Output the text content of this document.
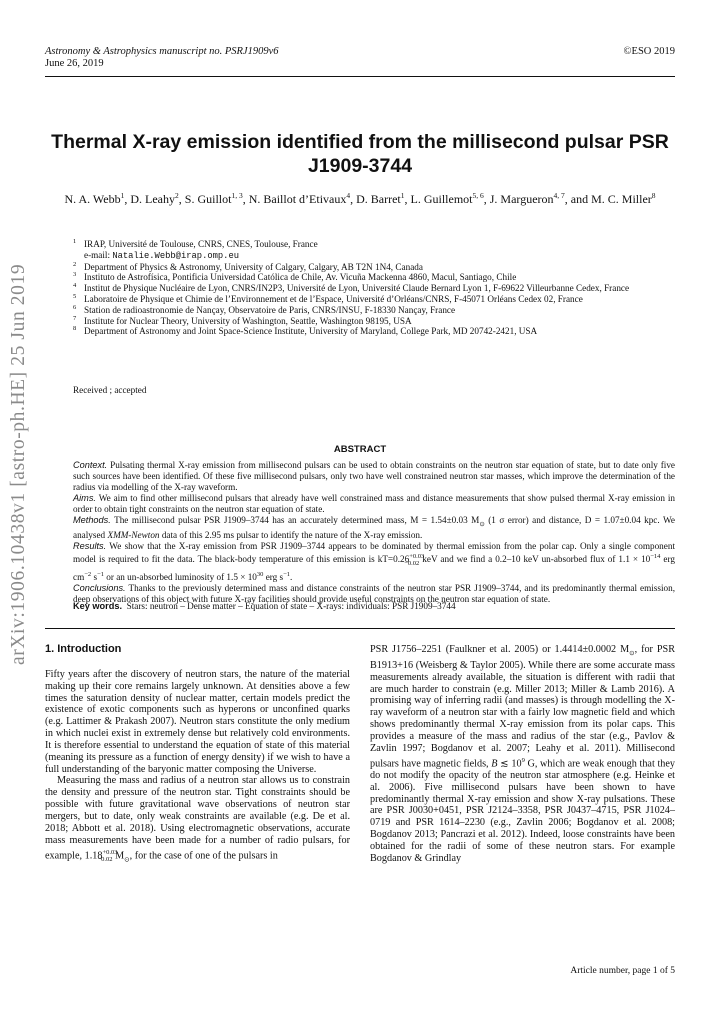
Astronomy & Astrophysics manuscript no. PSRJ1909v6
June 26, 2019
©ESO 2019
arXiv:1906.10438v1 [astro-ph.HE] 25 Jun 2019
Thermal X-ray emission identified from the millisecond pulsar PSR J1909-3744
N. A. Webb$^1$, D. Leahy$^2$, S. Guillot$^{1, 3}$, N. Baillot d’Etivaux$^4$, D. Barret$^1$, L. Guillemot$^{5, 6}$, J. Margueron$^{4, 7}$, and M. C. Miller$^8$
1 IRAP, Université de Toulouse, CNRS, CNES, Toulouse, France
e-mail: Natalie.Webb@irap.omp.eu
2 Department of Physics & Astronomy, University of Calgary, Calgary, AB T2N 1N4, Canada
3 Instituto de Astrofísica, Pontificia Universidad Católica de Chile, Av. Vicuña Mackenna 4860, Macul, Santiago, Chile
4 Institut de Physique Nucléaire de Lyon, CNRS/IN2P3, Université de Lyon, Université Claude Bernard Lyon 1, F-69622 Villeurbanne Cedex, France
5 Laboratoire de Physique et Chimie de l’Environnement et de l’Espace, Université d’Orléans/CNRS, F-45071 Orléans Cedex 02, France
6 Station de radioastronomie de Nançay, Observatoire de Paris, CNRS/INSU, F-18330 Nançay, France
7 Institute for Nuclear Theory, University of Washington, Seattle, Washington 98195, USA
8 Department of Astronomy and Joint Space-Science Institute, University of Maryland, College Park, MD 20742-2421, USA
Received ; accepted
ABSTRACT

Context. Pulsating thermal X-ray emission from millisecond pulsars can be used to obtain constraints on the neutron star equation of state, but to date only five such sources have been identified. Of these five millisecond pulsars, only two have well constrained neutron star masses, which improve the determination of the radius via modelling of the X-ray waveform.

Aims. We aim to find other millisecond pulsars that already have well constrained mass and distance measurements that show pulsed thermal X-ray emission in order to obtain tight constraints on the neutron star equation of state.

Methods. The millisecond pulsar PSR J1909–3744 has an accurately determined mass, M = 1.54±0.03 $M_⊙$ (1 σ error) and distance, D = 1.07±0.04 kpc. We analysed XMM-Newton data of this 2.95 ms pulsar to identify the nature of the X-ray emission.

Results. We show that the X-ray emission from PSR J1909–3744 appears to be dominated by thermal emission from the polar cap. Only a single component model is required to fit the data. The black-body temperature of this emission is $kT=0.26^{+0.03}_{-0.02}$ keV and we find a 0.2–10 keV un-absorbed flux of $1.1 \times 10^{-14}$ erg $cm^{-2}$ $s^{-1}$ or an un-absorbed luminosity of $1.5 \times 10^{30}$ erg $s^{-1}$.

Conclusions. Thanks to the previously determined mass and distance constraints of the neutron star PSR J1909–3744, and its predominantly thermal emission, deep observations of this object with future X-ray facilities should provide useful constraints on the neutron star equation of state.

Key words. Stars: neutron – Dense matter – Equation of state – X-rays: individuals: PSR J1909–3744
1. Introduction

Fifty years after the discovery of neutron stars, the nature of the material making up their core remains largely unknown. At densities above a few times the saturation density of nuclear matter, certain models predict the existence of exotic components such as hyperons or unconfined quarks (e.g. Lattimer & Prakash 2007). Neutron stars constitute the only medium in which nuclei exist in extremely dense but relatively cold environments. It is therefore essential to understand the equation of state of this material (meaning its pressure as a function of energy density) if we wish to have a full understanding of the baryonic matter composing the Universe.

Measuring the mass and radius of a neutron star allows us to constrain the density and pressure of the neutron star. Tight constraints should be possible with future gravitational wave observations of neutron star mergers, but to date, only weak constraints are available (e.g. De et al. 2018; Abbott et al. 2018). Using electromagnetic observations, accurate mass measurements have been made for a number of radio pulsars, for example, $1.18^{+0.03}_{-0.02}$ $M_⊙$, for the case of one of the pulsars in

PSR J1756–2251 (Faulkner et al. 2005) or 1.4414±0.0002 $M_⊙$, for PSR B1913+16 (Weisberg & Taylor 2005). While there are some accurate mass measurements already available, the situation is different with radii that are much harder to constrain (e.g. Miller 2013; Miller & Lamb 2016). A promising way of inferring radii (and masses) is through modelling the X-ray waveform of a neutron star with a fairly low magnetic field and which shows predominantly thermal X-ray emission from its polar caps. This provides a measure of the mass and radius of the star (e.g., Pavlov & Zavlin 1997; Bogdanov et al. 2007; Leahy et al. 2011). Millisecond pulsars have magnetic fields, B ≲ $10^9$ G, which are weak enough that they do not modify the opacity of the neutron star atmosphere (e.g. Heinke et al. 2006). Five millisecond pulsars have been shown to have predominantly thermal X-ray emission and show X-ray pulsations. These are PSR J0030+0451, PSR J2124–3358, PSR J0437–4715, PSR J1024–0719 and PSR 1614–2230 (e.g., Zavlin 2006; Bogdanov et al. 2008; Bogdanov 2013; Pancrazi et al. 2012). Indeed, loose constraints have been obtained for the radii of some of these neutron stars. For example Bogdanov & Grindlay

Article number, page 1 of 5
